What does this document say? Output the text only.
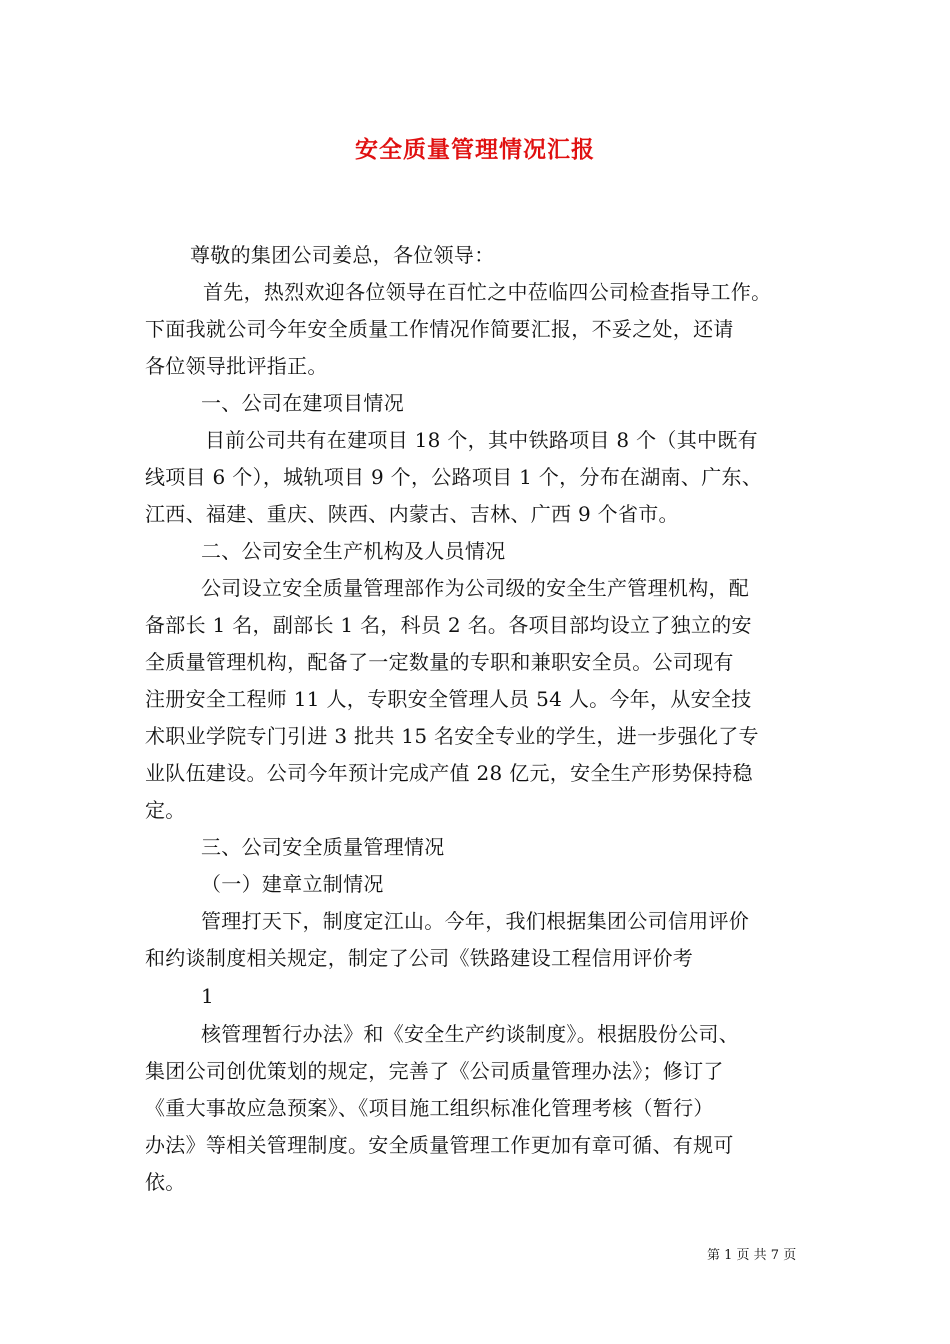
安全质量管理情况汇报
尊敬的集团公司姜总，各位领导：
首先，热烈欢迎各位领导在百忙之中莅临四公司检查指导工作。
下面我就公司今年安全质量工作情况作简要汇报，不妥之处，还请
各位领导批评指正。
一、公司在建项目情况
目前公司共有在建项目 18 个，其中铁路项目 8 个（其中既有
线项目 6 个），城轨项目 9 个，公路项目 1 个，分布在湖南、广东、
江西、福建、重庆、陕西、内蒙古、吉林、广西 9 个省市。
二、公司安全生产机构及人员情况
公司设立安全质量管理部作为公司级的安全生产管理机构，配
备部长 1 名，副部长 1 名，科员 2 名。各项目部均设立了独立的安
全质量管理机构，配备了一定数量的专职和兼职安全员。公司现有
注册安全工程师 11 人，专职安全管理人员 54 人。今年，从安全技
术职业学院专门引进 3 批共 15 名安全专业的学生，进一步强化了专
业队伍建设。公司今年预计完成产值 28 亿元，安全生产形势保持稳
定。
三、公司安全质量管理情况
（一）建章立制情况
管理打天下，制度定江山。今年，我们根据集团公司信用评价
和约谈制度相关规定，制定了公司《铁路建设工程信用评价考
1
核管理暂行办法》和《安全生产约谈制度》。根据股份公司、
集团公司创优策划的规定，完善了《公司质量管理办法》；修订了
《重大事故应急预案》、《项目施工组织标准化管理考核（暂行）
办法》等相关管理制度。安全质量管理工作更加有章可循、有规可
依。
第 1 页 共 7 页
